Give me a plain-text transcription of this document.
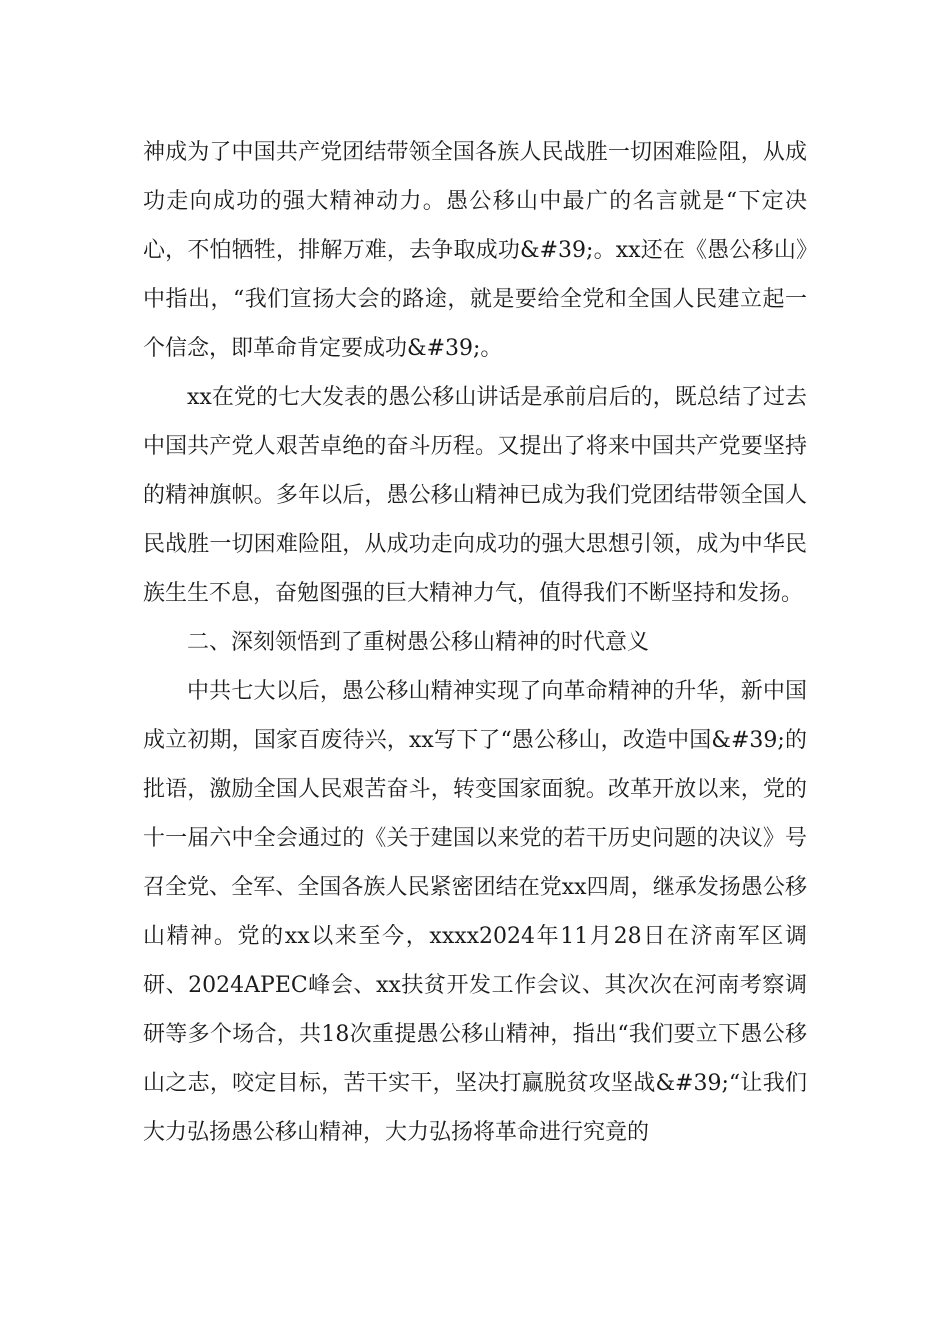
神成为了中国共产党团结带领全国各族人民战胜一切困难险阻，从成功走向成功的强大精神动力。愚公移山中最广的名言就是“下定决心，不怕牺牲，排解万难，去争取成功&#39;。xx还在《愚公移山》中指出，“我们宣扬大会的路途，就是要给全党和全国人民建立起一个信念，即革命肯定要成功&#39;。

xx在党的七大发表的愚公移山讲话是承前启后的，既总结了过去中国共产党人艰苦卓绝的奋斗历程。又提出了将来中国共产党要坚持的精神旗帜。多年以后，愚公移山精神已成为我们党团结带领全国人民战胜一切困难险阻，从成功走向成功的强大思想引领，成为中华民族生生不息，奋勉图强的巨大精神力气，值得我们不断坚持和发扬。

二、深刻领悟到了重树愚公移山精神的时代意义

中共七大以后，愚公移山精神实现了向革命精神的升华，新中国成立初期，国家百废待兴，xx写下了“愚公移山，改造中国&#39;的批语，激励全国人民艰苦奋斗，转变国家面貌。改革开放以来，党的十一届六中全会通过的《关于建国以来党的若干历史问题的决议》号召全党、全军、全国各族人民紧密团结在党xx四周，继承发扬愚公移山精神。党的xx以来至今，xxxx2024年11月28日在济南军区调研、2024APEC峰会、xx扶贫开发工作会议、其次次在河南考察调研等多个场合，共18次重提愚公移山精神，指出“我们要立下愚公移山之志，咬定目标，苦干实干，坚决打赢脱贫攻坚战&#39;“让我们大力弘扬愚公移山精神，大力弘扬将革命进行究竟的
